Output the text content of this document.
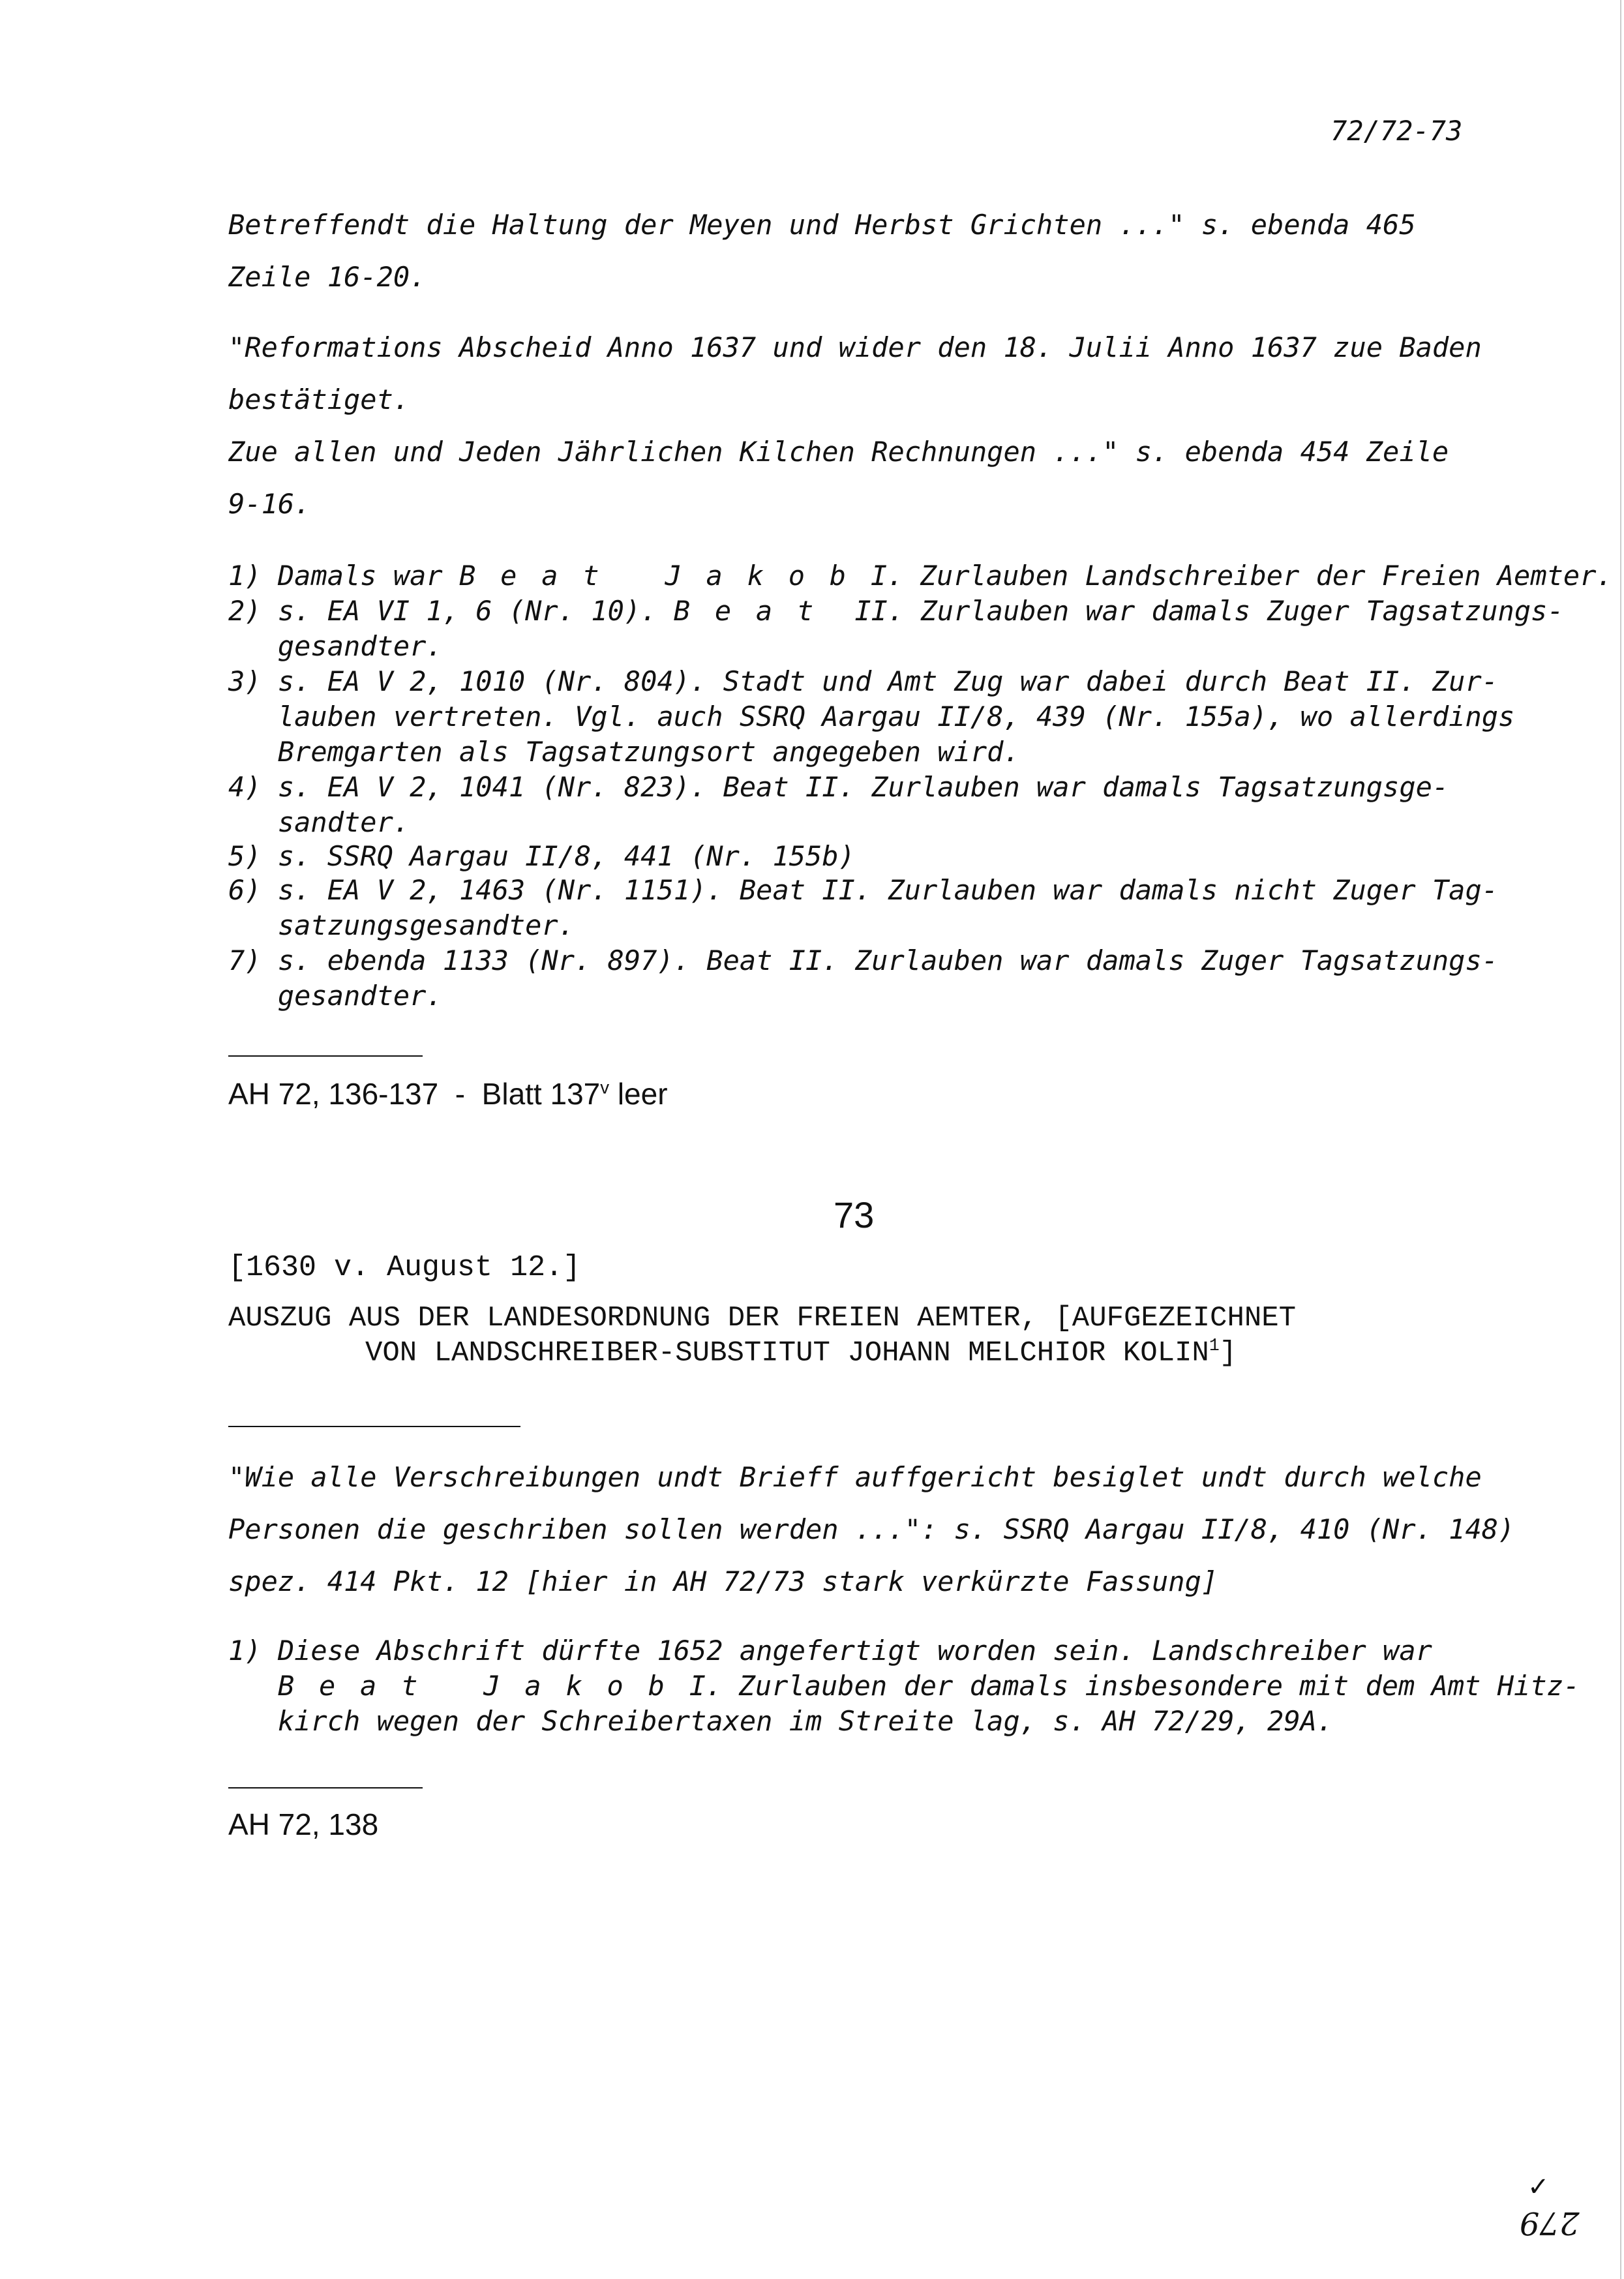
72/72-73
Betreffendt die Haltung der Meyen und Herbst Grichten ..." s. ebenda 465
Zeile 16-20.
"Reformations Abscheid Anno 1637 und wider den 18. Julii Anno 1637 zue Baden
bestätiget.
Zue allen und Jeden Jährlichen Kilchen Rechnungen ..." s. ebenda 454 Zeile
9-16.
1) Damals war Beat JakobI. Zurlauben Landschreiber der Freien Aemter.
2) s. EA VI 1, 6 (Nr. 10). Beat II. Zurlauben war damals Zuger Tagsatzungs-
gesandter.
3) s. EA V 2, 1010 (Nr. 804). Stadt und Amt Zug war dabei durch Beat II. Zur-
lauben vertreten. Vgl. auch SSRQ Aargau II/8, 439 (Nr. 155a), wo allerdings
Bremgarten als Tagsatzungsort angegeben wird.
4) s. EA V 2, 1041 (Nr. 823). Beat II. Zurlauben war damals Tagsatzungsge-
sandter.
5) s. SSRQ Aargau II/8, 441 (Nr. 155b)
6) s. EA V 2, 1463 (Nr. 1151). Beat II. Zurlauben war damals nicht Zuger Tag-
satzungsgesandter.
7) s. ebenda 1133 (Nr. 897). Beat II. Zurlauben war damals Zuger Tagsatzungs-
gesandter.
AH 72, 136-137  -  Blatt 137$^v$ leer
73
[1630 v. August 12.]
AUSZUG AUS DER LANDESORDNUNG DER FREIEN AEMTER, [AUFGEZEICHNET
VON LANDSCHREIBER-SUBSTITUT JOHANN MELCHIOR KOLIN$^1$]
"Wie alle Verschreibungen undt Brieff auffgericht besiglet undt durch welche
Personen die geschriben sollen werden ...": s. SSRQ Aargau II/8, 410 (Nr. 148)
spez. 414 Pkt. 12 [hier in AH 72/73 stark verkürzte Fassung]
1) Diese Abschrift dürfte 1652 angefertigt worden sein. Landschreiber war
Beat JakobI. Zurlauben der damals insbesondere mit dem Amt Hitz-
kirch wegen der Schreibertaxen im Streite lag, s. AH 72/29, 29A.
AH 72, 138
✓
279
